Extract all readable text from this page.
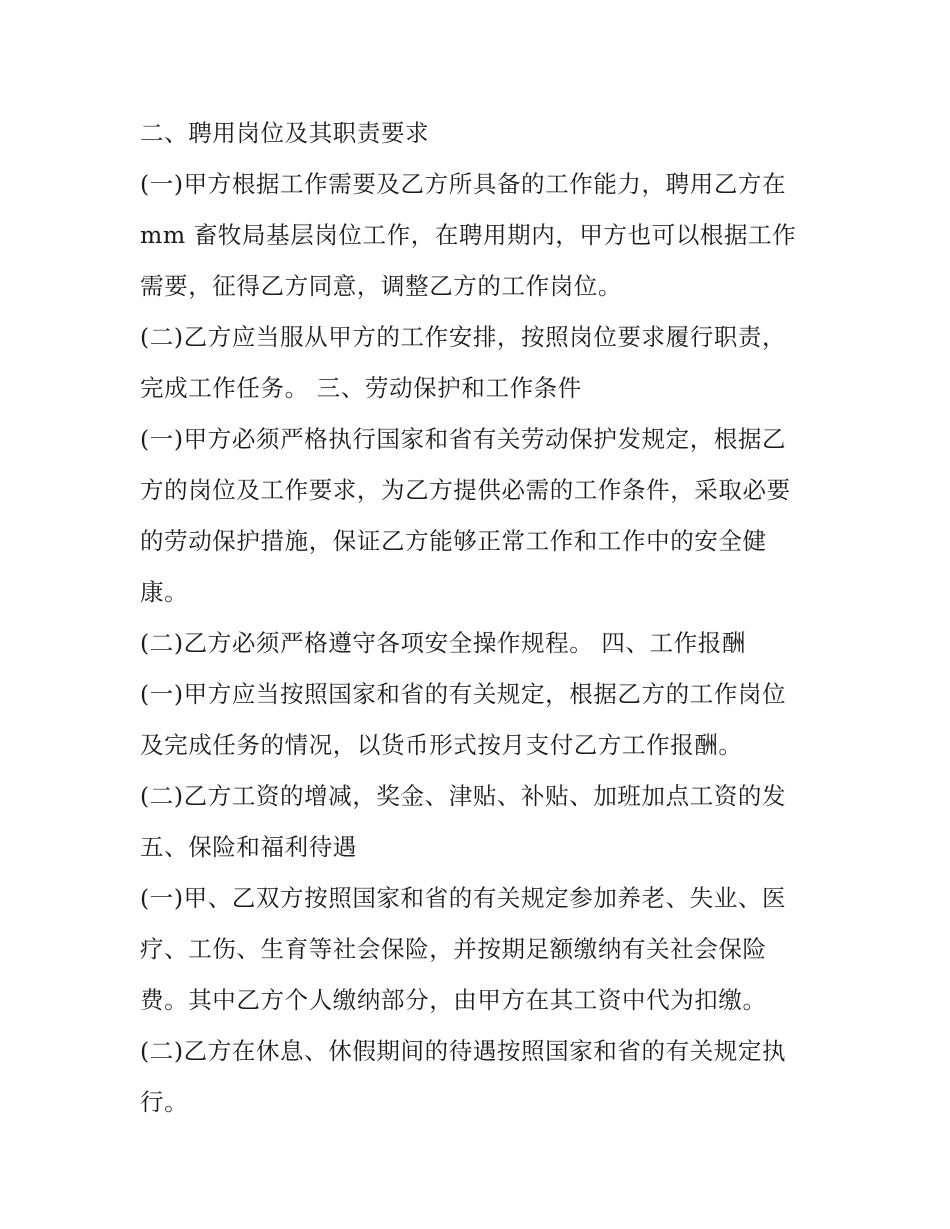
二、聘用岗位及其职责要求
(一)甲方根据工作需要及乙方所具备的工作能力，聘用乙方在
mm 畜牧局基层岗位工作，在聘用期内，甲方也可以根据工作
需要，征得乙方同意，调整乙方的工作岗位。
(二)乙方应当服从甲方的工作安排，按照岗位要求履行职责，
完成工作任务。 三、劳动保护和工作条件
(一)甲方必须严格执行国家和省有关劳动保护发规定，根据乙
方的岗位及工作要求，为乙方提供必需的工作条件，采取必要
的劳动保护措施，保证乙方能够正常工作和工作中的安全健
康。
(二)乙方必须严格遵守各项安全操作规程。 四、工作报酬
(一)甲方应当按照国家和省的有关规定，根据乙方的工作岗位
及完成任务的情况，以货币形式按月支付乙方工作报酬。
(二)乙方工资的增减，奖金、津贴、补贴、加班加点工资的发
五、保险和福利待遇
(一)甲、乙双方按照国家和省的有关规定参加养老、失业、医
疗、工伤、生育等社会保险，并按期足额缴纳有关社会保险
费。其中乙方个人缴纳部分，由甲方在其工资中代为扣缴。
(二)乙方在休息、休假期间的待遇按照国家和省的有关规定执
行。
